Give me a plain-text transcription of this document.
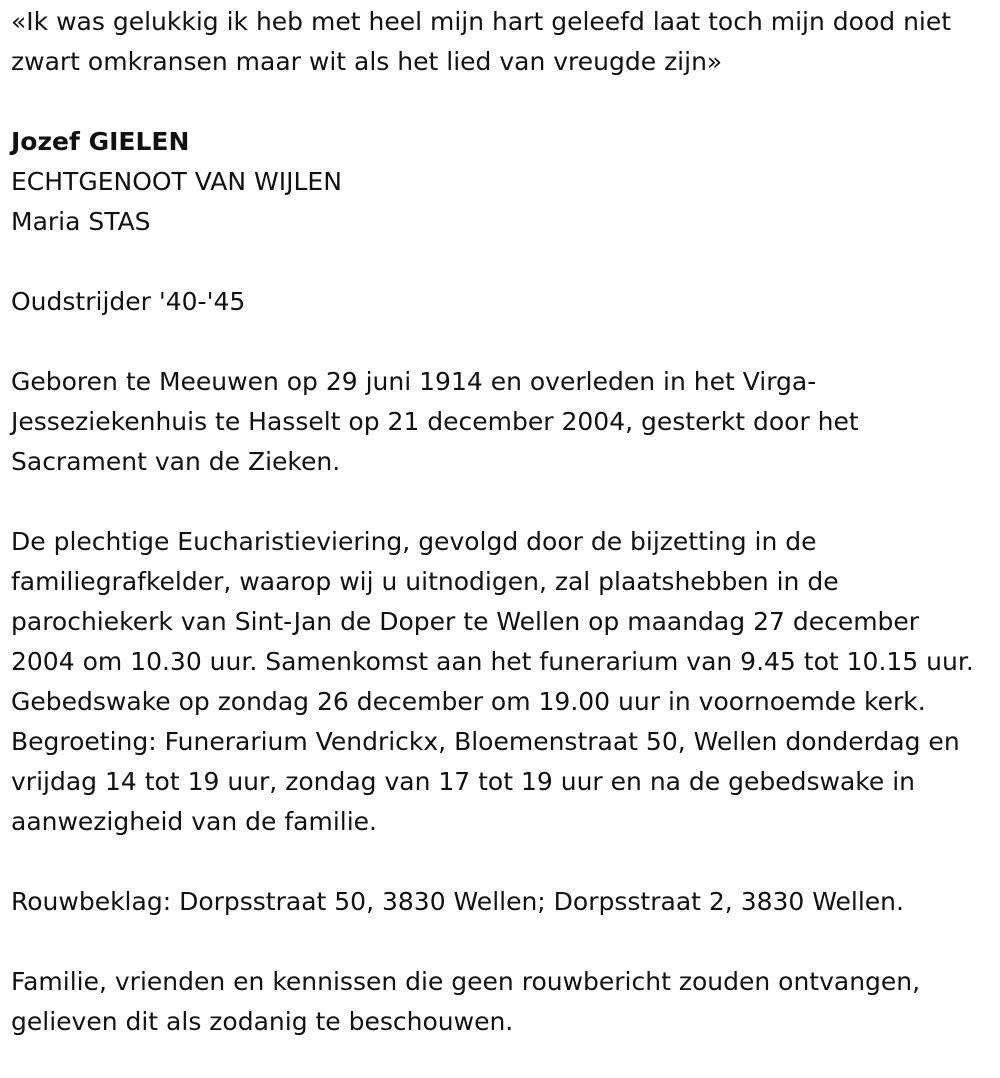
«Ik was gelukkig ik heb met heel mijn hart geleefd laat toch mijn dood niet zwart omkransen maar wit als het lied van vreugde zijn»

Jozef GIELEN

ECHTGENOOT VAN WIJLEN

Maria STAS

Oudstrijder '40-'45

Geboren te Meeuwen op 29 juni 1914 en overleden in het Virga-Jesseziekenhuis te Hasselt op 21 december 2004, gesterkt door het Sacrament van de Zieken.

De plechtige Eucharistieviering, gevolgd door de bijzetting in de familiegrafkelder, waarop wij u uitnodigen, zal plaatshebben in de parochiekerk van Sint-Jan de Doper te Wellen op maandag 27 december 2004 om 10.30 uur. Samenkomst aan het funerarium van 9.45 tot 10.15 uur. Gebedswake op zondag 26 december om 19.00 uur in voornoemde kerk. Begroeting: Funerarium Vendrickx, Bloemenstraat 50, Wellen donderdag en vrijdag 14 tot 19 uur, zondag van 17 tot 19 uur en na de gebedswake in aanwezigheid van de familie.

Rouwbeklag: Dorpsstraat 50, 3830 Wellen; Dorpsstraat 2, 3830 Wellen.

Familie, vrienden en kennissen die geen rouwbericht zouden ontvangen, gelieven dit als zodanig te beschouwen.
